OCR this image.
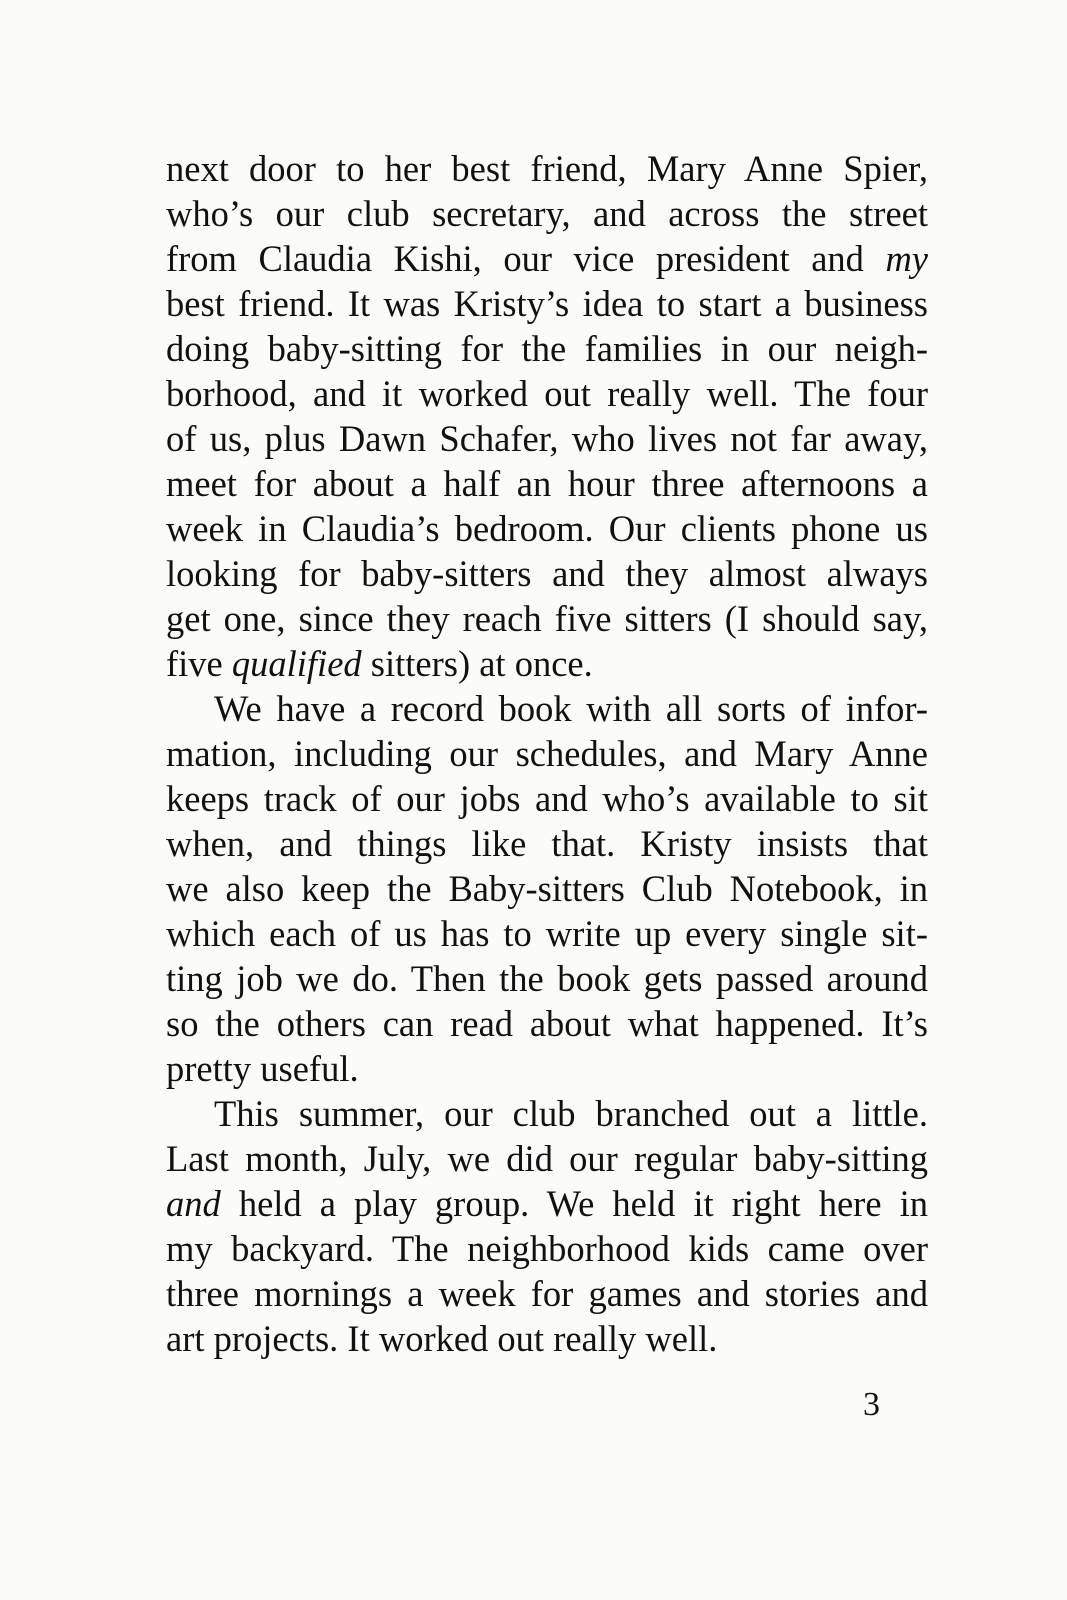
next door to her best friend, Mary Anne Spier,
who’s our club secretary, and across the street
from Claudia Kishi, our vice president and my
best friend. It was Kristy’s idea to start a business
doing baby-sitting for the families in our neigh-
borhood, and it worked out really well. The four
of us, plus Dawn Schafer, who lives not far away,
meet for about a half an hour three afternoons a
week in Claudia’s bedroom. Our clients phone us
looking for baby-sitters and they almost always
get one, since they reach five sitters (I should say,
five qualified sitters) at once.
We have a record book with all sorts of infor-
mation, including our schedules, and Mary Anne
keeps track of our jobs and who’s available to sit
when, and things like that. Kristy insists that
we also keep the Baby-sitters Club Notebook, in
which each of us has to write up every single sit-
ting job we do. Then the book gets passed around
so the others can read about what happened. It’s
pretty useful.
This summer, our club branched out a little.
Last month, July, we did our regular baby-sitting
and held a play group. We held it right here in
my backyard. The neighborhood kids came over
three mornings a week for games and stories and
art projects. It worked out really well.
3
